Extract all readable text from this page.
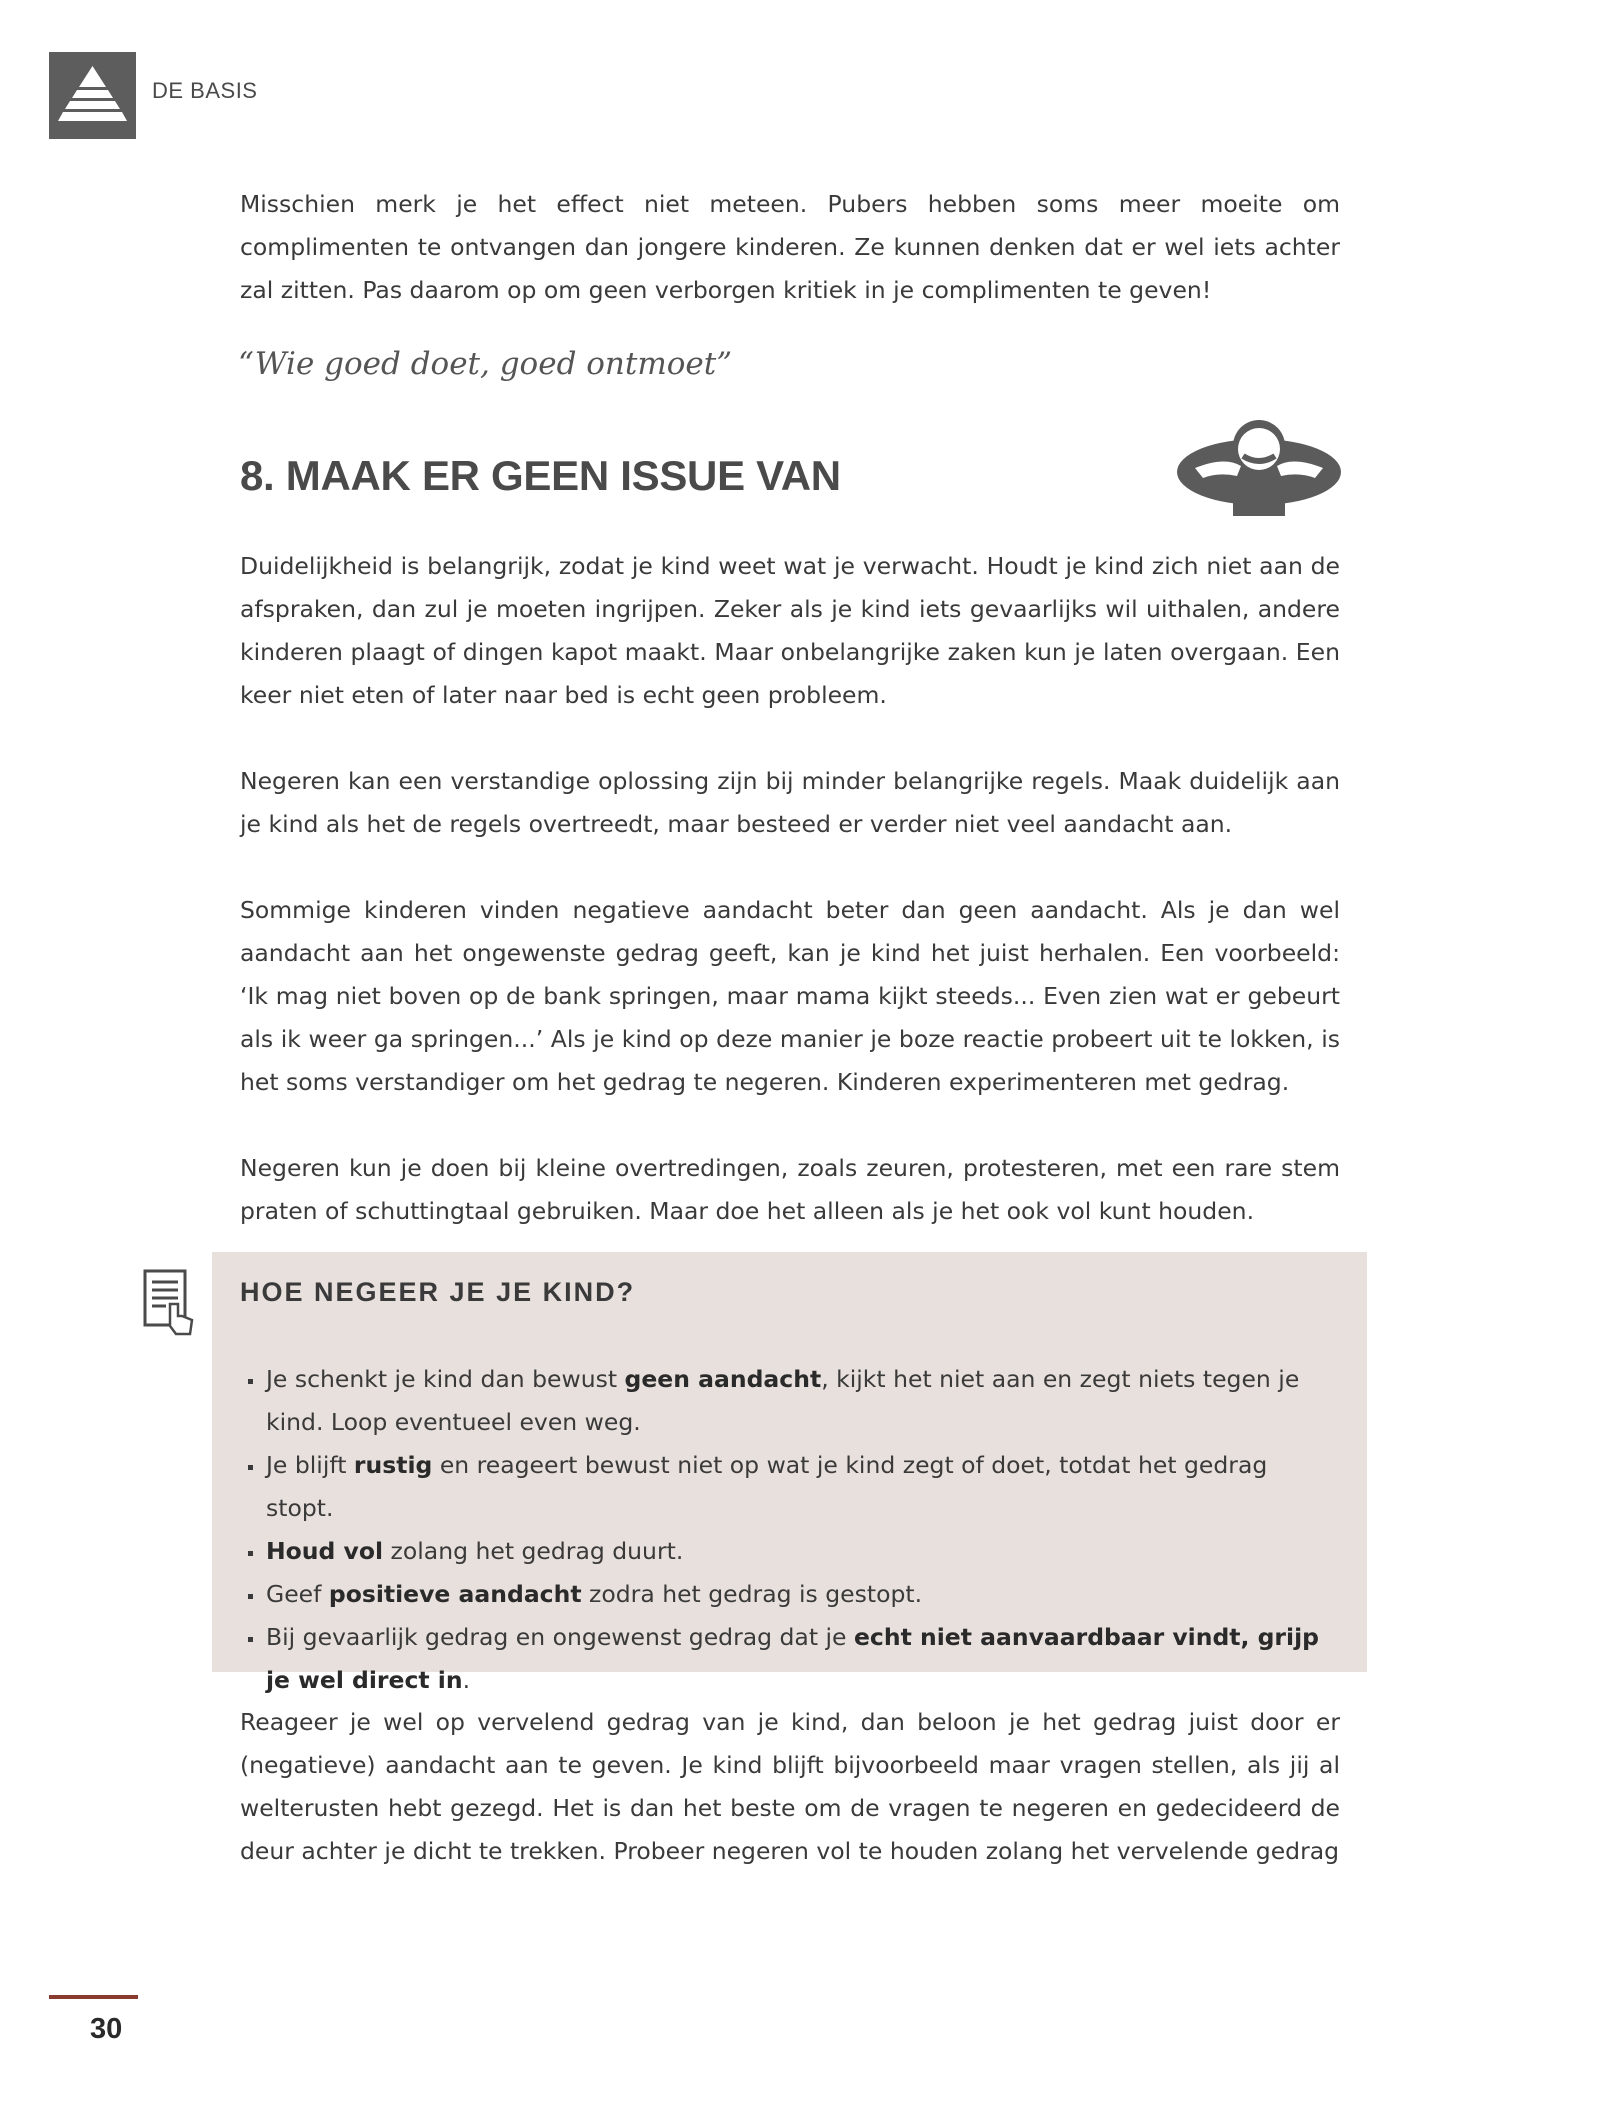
DE BASIS

Misschien merk je het effect niet meteen. Pubers hebben soms meer moeite om complimenten te ontvangen dan jongere kinderen. Ze kunnen denken dat er wel iets achter zal zitten. Pas daarom op om geen verborgen kritiek in je complimenten te geven!

“Wie goed doet, goed ontmoet”
8. MAAK ER GEEN ISSUE VAN

Duidelijkheid is belangrijk, zodat je kind weet wat je verwacht. Houdt je kind zich niet aan de afspraken, dan zul je moeten ingrijpen. Zeker als je kind iets gevaarlijks wil uithalen, andere kinderen plaagt of dingen kapot maakt. Maar onbelangrijke zaken kun je laten overgaan. Een keer niet eten of later naar bed is echt geen probleem.

Negeren kan een verstandige oplossing zijn bij minder belangrijke regels. Maak duidelijk aan je kind als het de regels overtreedt, maar besteed er verder niet veel aandacht aan.

Sommige kinderen vinden negatieve aandacht beter dan geen aandacht. Als je dan wel aandacht aan het ongewenste gedrag geeft, kan je kind het juist herhalen. Een voorbeeld: ‘Ik mag niet boven op de bank springen, maar mama kijkt steeds... Even zien wat er gebeurt als ik weer ga springen...’ Als je kind op deze manier je boze reactie probeert uit te lokken, is het soms verstandiger om het gedrag te negeren. Kinderen experimenteren met gedrag.

Negeren kun je doen bij kleine overtredingen, zoals zeuren, protesteren, met een rare stem praten of schuttingtaal gebruiken. Maar doe het alleen als je het ook vol kunt houden.

HOE NEGEER JE JE KIND?
Je schenkt je kind dan bewust geen aandacht, kijkt het niet aan en zegt niets tegen je kind. Loop eventueel even weg.
Je blijft rustig en reageert bewust niet op wat je kind zegt of doet, totdat het gedrag stopt.
Houd vol zolang het gedrag duurt.
Geef positieve aandacht zodra het gedrag is gestopt.
Bij gevaarlijk gedrag en ongewenst gedrag dat je echt niet aanvaardbaar vindt, grijp je wel direct in.

Reageer je wel op vervelend gedrag van je kind, dan beloon je het gedrag juist door er (negatieve) aandacht aan te geven. Je kind blijft bijvoorbeeld maar vragen stellen, als jij al welterusten hebt gezegd. Het is dan het beste om de vragen te negeren en gedecideerd de deur achter je dicht te trekken. Probeer negeren vol te houden zolang het vervelende gedrag

30
